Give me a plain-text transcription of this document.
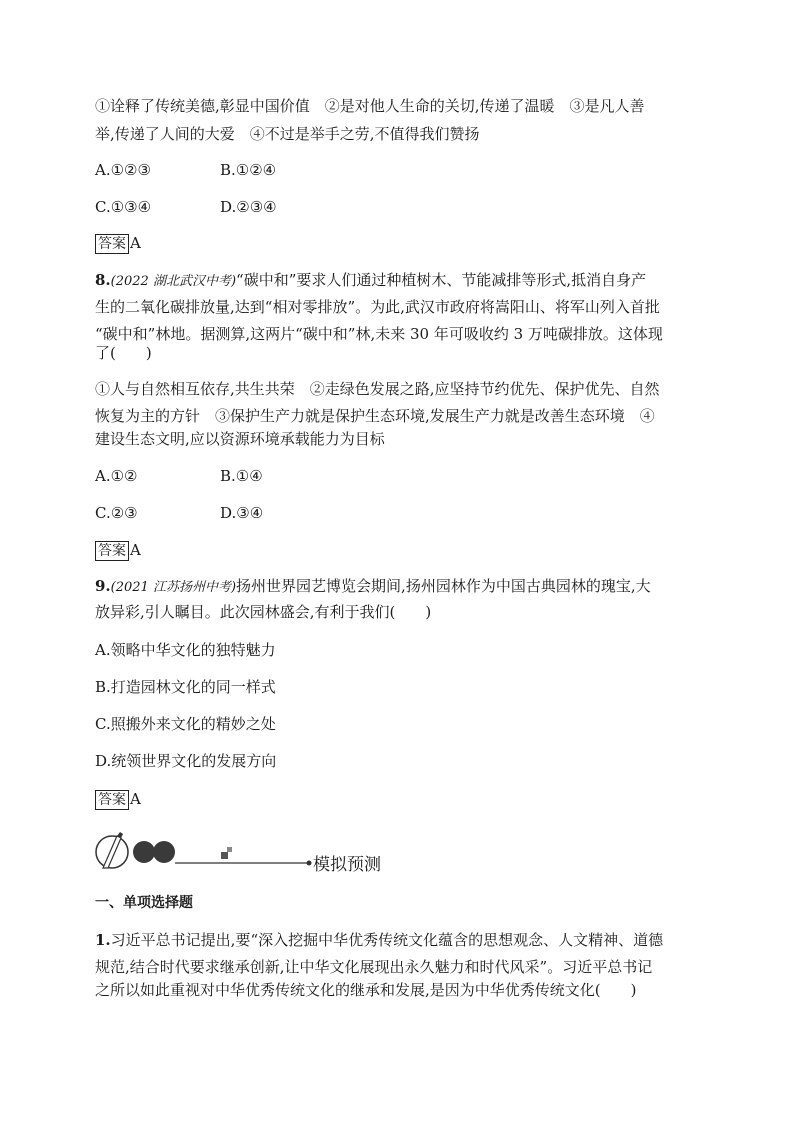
①诠释了传统美德,彰显中国价值　②是对他人生命的关切,传递了温暖　③是凡人善
举,传递了人间的大爱　④不过是举手之劳,不值得我们赞扬
A.①②③	B.①②④
C.①③④	D.②③④
答案 A
8.(2022 湖北武汉中考)“碳中和”要求人们通过种植树木、节能减排等形式,抵消自身产
生的二氧化碳排放量,达到“相对零排放”。为此,武汉市政府将嵩阳山、将军山列入首批
“碳中和”林地。据测算,这两片“碳中和”林,未来 30 年可吸收约 3 万吨碳排放。这体现
了(　　)
①人与自然相互依存,共生共荣　②走绿色发展之路,应坚持节约优先、保护优先、自然
恢复为主的方针　③保护生产力就是保护生态环境,发展生产力就是改善生态环境　④
建设生态文明,应以资源环境承载能力为目标
A.①②	B.①④
C.②③	D.③④
答案 A
9.(2021 江苏扬州中考)扬州世界园艺博览会期间,扬州园林作为中国古典园林的瑰宝,大
放异彩,引人瞩目。此次园林盛会,有利于我们(　　)
A.领略中华文化的独特魅力
B.打造园林文化的同一样式
C.照搬外来文化的精妙之处
D.统领世界文化的发展方向
答案 A
模拟预测
一、单项选择题
1.习近平总书记提出,要“深入挖掘中华优秀传统文化蕴含的思想观念、人文精神、道德
规范,结合时代要求继承创新,让中华文化展现出永久魅力和时代风采”。习近平总书记
之所以如此重视对中华优秀传统文化的继承和发展,是因为中华优秀传统文化(　　)
